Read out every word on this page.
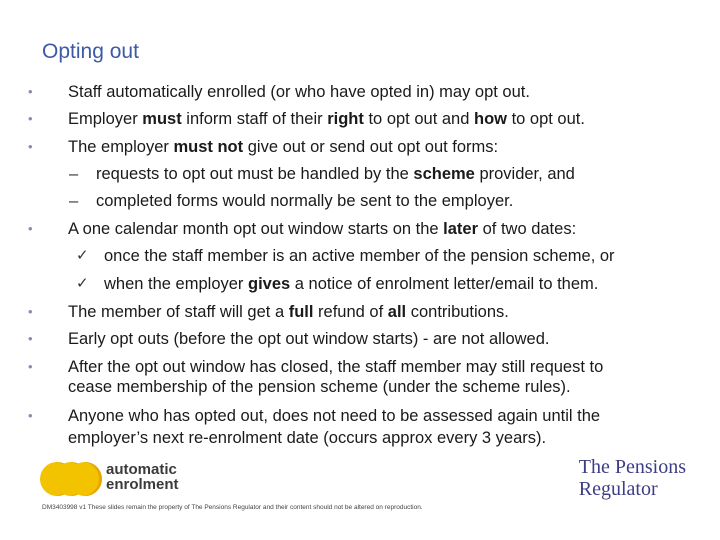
Opting out
•	Staff automatically enrolled (or who have opted in) may opt out.
•	Employer must inform staff of their right to opt out and how to opt out.
•	The employer must not give out or send out opt out forms:
– requests to opt out must be handled by the scheme provider, and
– completed forms would normally be sent to the employer.
•	A one calendar month opt out window starts on the later of two dates:
✓ once the staff member is an active member of the pension scheme, or
✓ when the employer gives a notice of enrolment letter/email to them.
•	The member of staff will get a full refund of all contributions.
•	Early opt outs (before the opt out window starts) - are not allowed.
•	After the opt out window has closed, the staff member may still request to
cease membership of the pension scheme (under the scheme rules).
•	Anyone who has opted out, does not need to be assessed again until the
employer’s next re-enrolment date (occurs approx every 3 years).
automatic
enrolment
The Pensions
Regulator
DM3403998 v1 These slides remain the property of The Pensions Regulator and their content should not be altered on reproduction.
